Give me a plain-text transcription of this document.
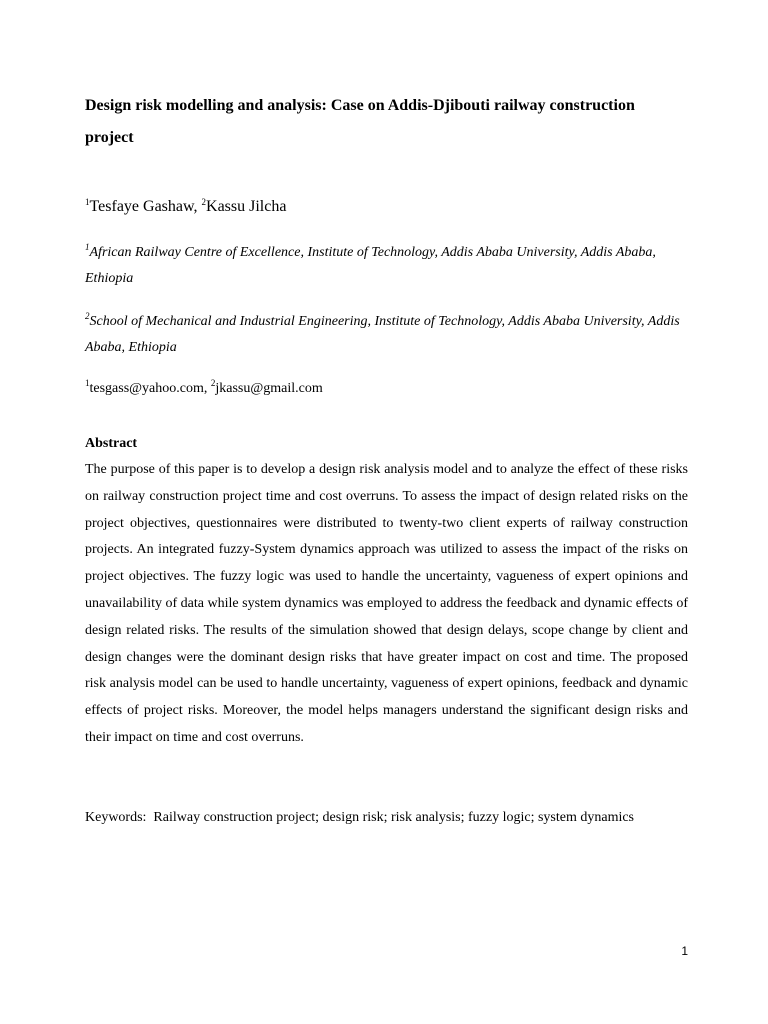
Design risk modelling and analysis: Case on Addis-Djibouti railway construction project
$^1$Tesfaye Gashaw, $^2$Kassu Jilcha
$^1$African Railway Centre of Excellence, Institute of Technology, Addis Ababa University, Addis Ababa, Ethiopia
$^2$School of Mechanical and Industrial Engineering, Institute of Technology, Addis Ababa University, Addis Ababa, Ethiopia
$^1$tesgass@yahoo.com, $^2$jkassu@gmail.com
Abstract

The purpose of this paper is to develop a design risk analysis model and to analyze the effect of these risks on railway construction project time and cost overruns. To assess the impact of design related risks on the project objectives, questionnaires were distributed to twenty-two client experts of railway construction projects. An integrated fuzzy-System dynamics approach was utilized to assess the impact of the risks on project objectives. The fuzzy logic was used to handle the uncertainty, vagueness of expert opinions and unavailability of data while system dynamics was employed to address the feedback and dynamic effects of design related risks. The results of the simulation showed that design delays, scope change by client and design changes were the dominant design risks that have greater impact on cost and time. The proposed risk analysis model can be used to handle uncertainty, vagueness of expert opinions, feedback and dynamic effects of project risks. Moreover, the model helps managers understand the significant design risks and their impact on time and cost overruns.

Keywords:  Railway construction project; design risk; risk analysis; fuzzy logic; system dynamics
1
